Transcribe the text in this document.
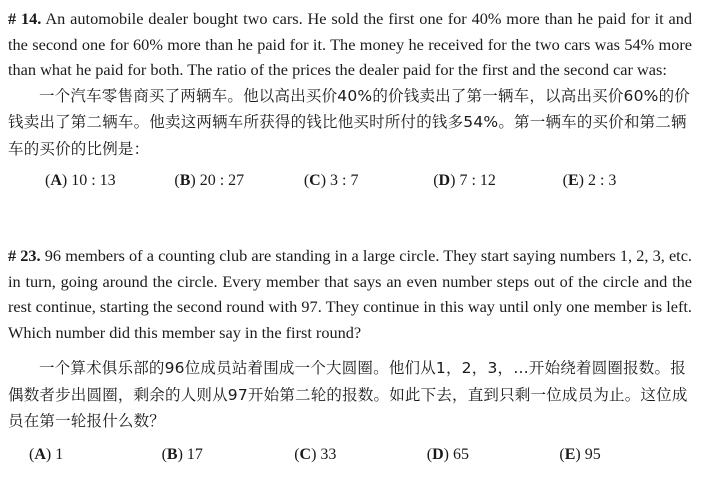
# 14. An automobile dealer bought two cars. He sold the first one for 40% more than he paid for it and the second one for 60% more than he paid for it. The money he received for the two cars was 54% more than what he paid for both. The ratio of the prices the dealer paid for the first and the second car was:

一个汽车零售商买了两辆车。他以高出买价40%的价钱卖出了第一辆车，以高出买价60%的价钱卖出了第二辆车。他卖这两辆车所获得的钱比他买时所付的钱多54%。第一辆车的买价和第二辆车的买价的比例是：

(A) 10 : 13	(B) 20 : 27	(C) 3 : 7	(D) 7 : 12	(E) 2 : 3

# 23. 96 members of a counting club are standing in a large circle. They start saying numbers 1, 2, 3, etc. in turn, going around the circle. Every member that says an even number steps out of the circle and the rest continue, starting the second round with 97. They continue in this way until only one member is left. Which number did this member say in the first round?

一个算术俱乐部的96位成员站着围成一个大圆圈。他们从1，2，3，…开始绕着圆圈报数。报偶数者步出圆圈，剩余的人则从97开始第二轮的报数。如此下去，直到只剩一位成员为止。这位成员在第一轮报什么数？

(A) 1	(B) 17	(C) 33	(D) 65	(E) 95
